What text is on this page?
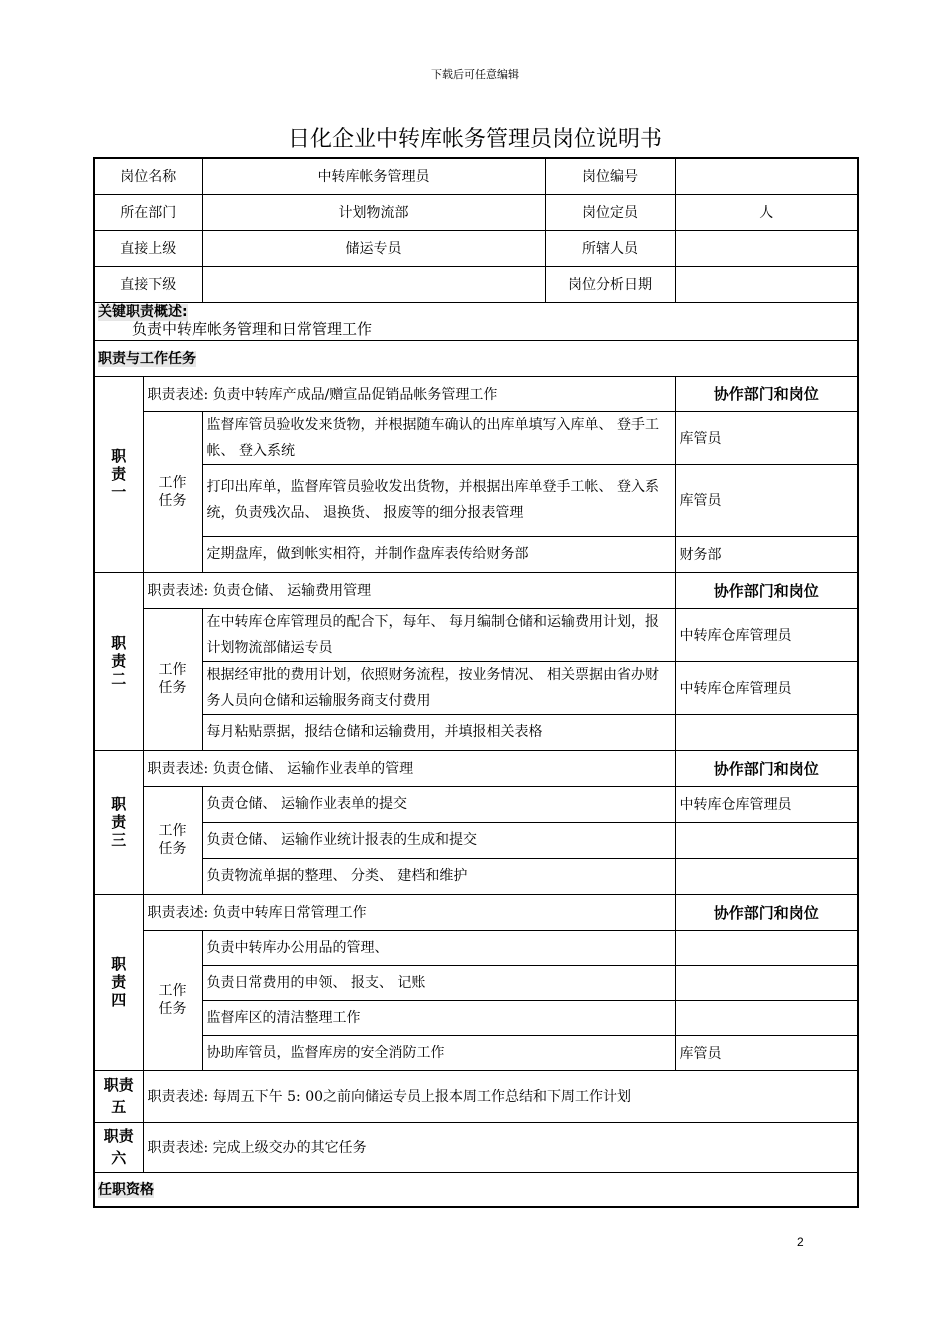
下载后可任意编辑
日化企业中转库帐务管理员岗位说明书
岗位名称		中转库帐务管理员	岗位编号	
所在部门		计划物流部	岗位定员	人
直接上级		储运专员	所辖人员	
直接下级			岗位分析日期	
关键职责概述:
负责中转库帐务管理和日常管理工作				

职责与工作任务				

职责一	职责表述: 负责中转库产成品/赠宣品促销品帐务管理工作			协作部门和岗位

	工作任务	监督库管员验收发来货物，并根据随车确认的出库单填写入库单、 登手工帐、 登入系统		库管员
		打印出库单，监督库管员验收发出货物，并根据出库单登手工帐、 登入系统，负责残次品、 退换货、 报废等的细分报表管理		库管员
		定期盘库，做到帐实相符，并制作盘库表传给财务部		财务部

职责二	职责表述: 负责仓储、 运输费用管理			协作部门和岗位

	工作任务	在中转库仓库管理员的配合下，每年、 每月编制仓储和运输费用计划，报计划物流部储运专员		中转库仓库管理员
		根据经审批的费用计划，依照财务流程，按业务情况、 相关票据由省办财务人员向仓储和运输服务商支付费用		中转库仓库管理员
		每月粘贴票据，报结仓储和运输费用，并填报相关表格		

职责三	职责表述: 负责仓储、 运输作业表单的管理			协作部门和岗位

	工作任务	负责仓储、 运输作业表单的提交		中转库仓库管理员
		负责仓储、 运输作业统计报表的生成和提交		
		负责物流单据的整理、 分类、 建档和维护		

职责四	职责表述: 负责中转库日常管理工作			协作部门和岗位

	工作任务	负责中转库办公用品的管理、		
		负责日常费用的申领、 报支、 记账		
		监督库区的清洁整理工作		
		协助库管员，监督库房的安全消防工作		库管员

职责五	职责表述: 每周五下午 5: 00之前向储运专员上报本周工作总结和下周工作计划			

职责六	职责表述: 完成上级交办的其它任务			
任职资格				
2
